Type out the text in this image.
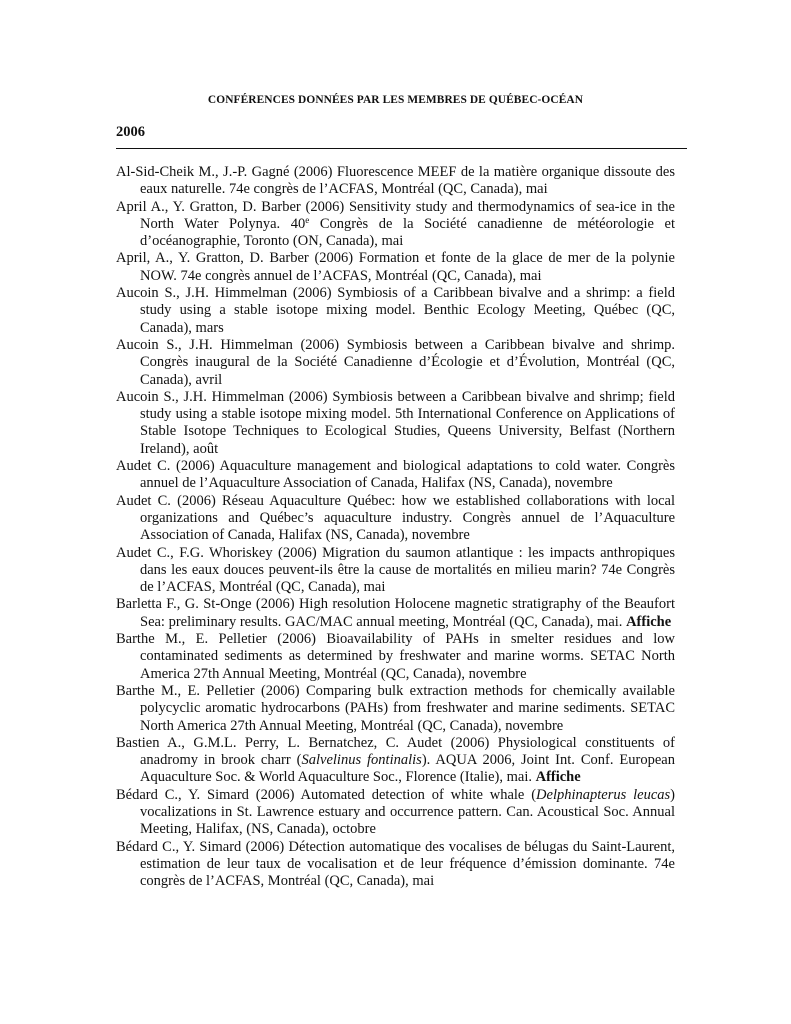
CONFÉRENCES DONNÉES PAR LES MEMBRES DE QUÉBEC-OCÉAN
2006

Al-Sid-Cheik M., J.-P. Gagné (2006) Fluorescence MEEF de la matière organique dissoute des eaux naturelle. 74e congrès de l’ACFAS, Montréal (QC, Canada), mai

April A., Y. Gratton, D. Barber (2006) Sensitivity study and thermodynamics of sea-ice in the North Water Polynya. 40e Congrès de la Société canadienne de météorologie et d’océanographie, Toronto (ON, Canada), mai

April, A., Y. Gratton, D. Barber (2006) Formation et fonte de la glace de mer de la polynie NOW. 74e congrès annuel de l’ACFAS, Montréal (QC, Canada), mai

Aucoin S., J.H. Himmelman (2006) Symbiosis of a Caribbean bivalve and a shrimp: a field study using a stable isotope mixing model. Benthic Ecology Meeting, Québec (QC, Canada), mars

Aucoin S., J.H. Himmelman (2006) Symbiosis between a Caribbean bivalve and shrimp. Congrès inaugural de la Société Canadienne d’Écologie et d’Évolution, Montréal (QC, Canada), avril

Aucoin S., J.H. Himmelman (2006) Symbiosis between a Caribbean bivalve and shrimp; field study using a stable isotope mixing model. 5th International Conference on Applications of Stable Isotope Techniques to Ecological Studies, Queens University, Belfast (Northern Ireland), août

Audet C. (2006) Aquaculture management and biological adaptations to cold water. Congrès annuel de l’Aquaculture Association of Canada, Halifax (NS, Canada), novembre

Audet C. (2006) Réseau Aquaculture Québec: how we established collaborations with local organizations and Québec’s aquaculture industry. Congrès annuel de l’Aquaculture Association of Canada, Halifax (NS, Canada), novembre

Audet C., F.G. Whoriskey (2006) Migration du saumon atlantique : les impacts anthropiques dans les eaux douces peuvent-ils être la cause de mortalités en milieu marin? 74e Congrès de l’ACFAS, Montréal (QC, Canada), mai

Barletta F., G. St-Onge (2006) High resolution Holocene magnetic stratigraphy of the Beaufort Sea: preliminary results. GAC/MAC annual meeting, Montréal (QC, Canada), mai. Affiche

Barthe M., E. Pelletier (2006) Bioavailability of PAHs in smelter residues and low contaminated sediments as determined by freshwater and marine worms. SETAC North America 27th Annual Meeting, Montréal (QC, Canada), novembre

Barthe M., E. Pelletier (2006) Comparing bulk extraction methods for chemically available polycyclic aromatic hydrocarbons (PAHs) from freshwater and marine sediments. SETAC North America 27th Annual Meeting, Montréal (QC, Canada), novembre

Bastien A., G.M.L. Perry, L. Bernatchez, C. Audet (2006) Physiological constituents of anadromy in brook charr (Salvelinus fontinalis). AQUA 2006, Joint Int. Conf. European Aquaculture Soc. & World Aquaculture Soc., Florence (Italie), mai. Affiche

Bédard C., Y. Simard (2006) Automated detection of white whale (Delphinapterus leucas) vocalizations in St. Lawrence estuary and occurrence pattern. Can. Acoustical Soc. Annual Meeting, Halifax, (NS, Canada), octobre

Bédard C., Y. Simard (2006) Détection automatique des vocalises de bélugas du Saint-Laurent, estimation de leur taux de vocalisation et de leur fréquence d’émission dominante. 74e congrès de l’ACFAS, Montréal (QC, Canada), mai
